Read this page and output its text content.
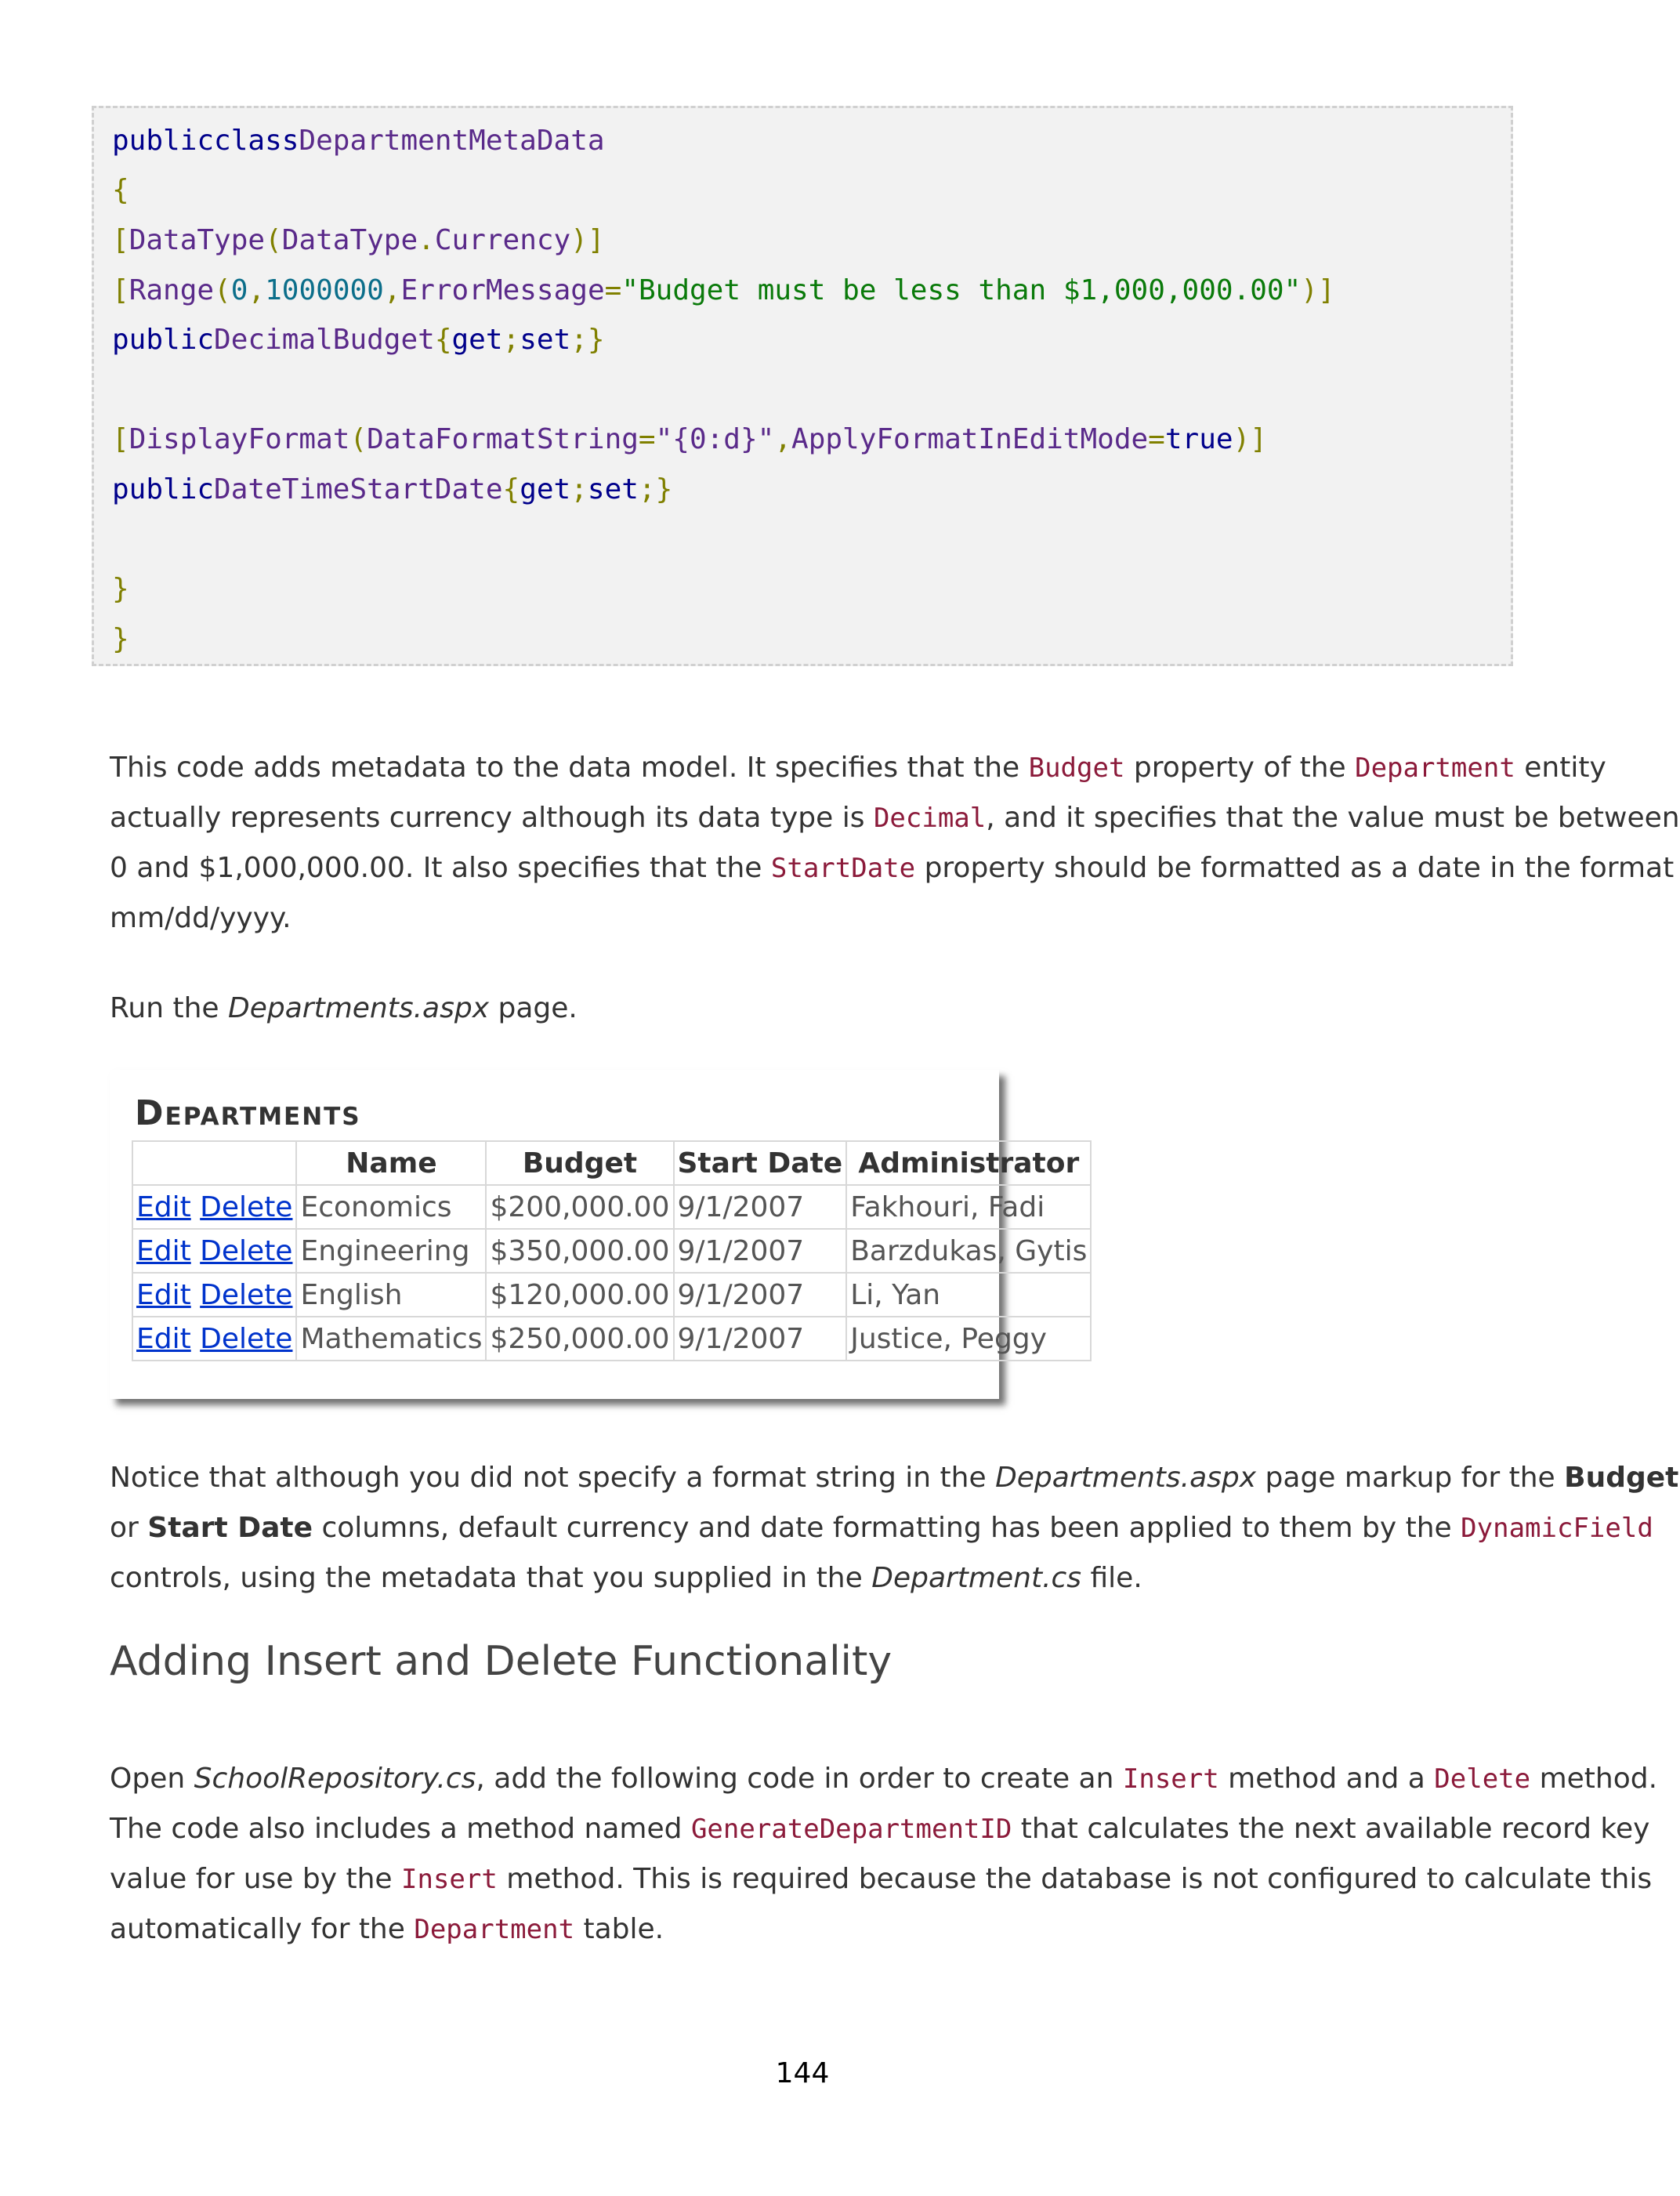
publicclassDepartmentMetaData
{
[DataType(DataType.Currency)]
[Range(0,1000000,ErrorMessage="Budget must be less than $1,000,000.00")]
publicDecimalBudget{get;set;}
[DisplayFormat(DataFormatString="{0:d}",ApplyFormatInEditMode=true)]
publicDateTimeStartDate{get;set;}
}
}
This code adds metadata to the data model. It specifies that the Budget property of the Department entity
actually represents currency although its data type is Decimal, and it specifies that the value must be between
0 and $1,000,000.00. It also specifies that the StartDate property should be formatted as a date in the format
mm/dd/yyyy.
Run the Departments.aspx page.
Departments
	Name	Budget	Start Date	Administrator
Edit Delete	Economics	$200,000.00	9/1/2007	Fakhouri, Fadi
Edit Delete	Engineering	$350,000.00	9/1/2007	Barzdukas, Gytis
Edit Delete	English	$120,000.00	9/1/2007	Li, Yan
Edit Delete	Mathematics	$250,000.00	9/1/2007	Justice, Peggy
Notice that although you did not specify a format string in the Departments.aspx page markup for the Budget
or Start Date columns, default currency and date formatting has been applied to them by the DynamicField
controls, using the metadata that you supplied in the Department.cs file.
Adding Insert and Delete Functionality
Open SchoolRepository.cs, add the following code in order to create an Insert method and a Delete method.
The code also includes a method named GenerateDepartmentID that calculates the next available record key
value for use by the Insert method. This is required because the database is not configured to calculate this
automatically for the Department table.
144
